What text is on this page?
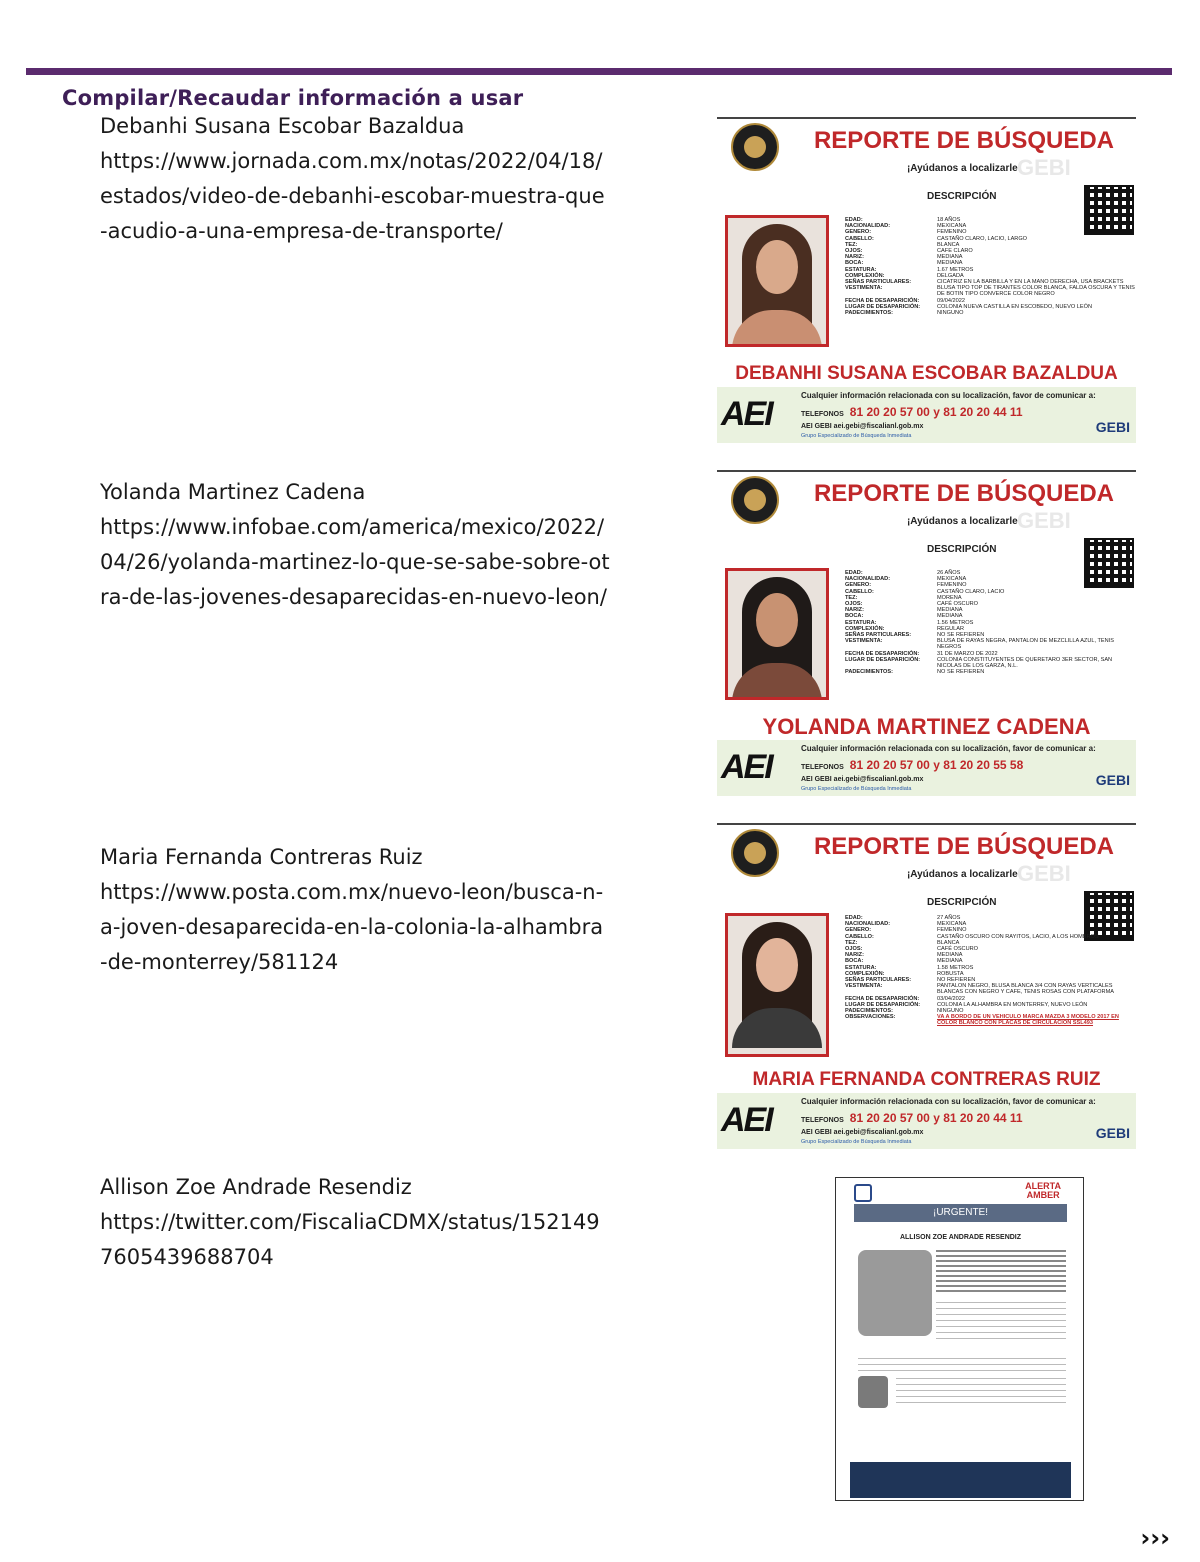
Compilar/Recaudar información a usar
Debanhi Susana Escobar Bazaldua
https://www.jornada.com.mx/notas/2022/04/18/estados/video-de-debanhi-escobar-muestra-que-acudio-a-una-empresa-de-transporte/
Yolanda Martinez Cadena
https://www.infobae.com/america/mexico/2022/04/26/yolanda-martinez-lo-que-se-sabe-sobre-otra-de-las-jovenes-desaparecidas-en-nuevo-leon/
Maria Fernanda Contreras Ruiz
https://www.posta.com.mx/nuevo-leon/busca-n-a-joven-desaparecida-en-la-colonia-la-alhambra-de-monterrey/581124
Allison Zoe Andrade Resendiz
https://twitter.com/FiscaliaCDMX/status/1521497605439688704
REPORTE DE BÚSQUEDA
¡Ayúdanos a localizarle!
GEBI
DESCRIPCIÓN
EDAD:	18 AÑOS
NACIONALIDAD:	MEXICANA
GENERO:	FEMENINO
CABELLO:	CASTAÑO CLARO, LACIO, LARGO
TEZ:	BLANCA
OJOS:	CAFE CLARO
NARIZ:	MEDIANA
BOCA:	MEDIANA
ESTATURA:	1.67 METROS
COMPLEXIÓN:	DELGADA
SEÑAS PARTICULARES:	CICATRIZ EN LA BARBILLA Y EN LA MANO DERECHA, USA BRACKETS
VESTIMENTA:	BLUSA TIPO TOP DE TIRANTES COLOR BLANCA, FALDA OSCURA Y TENIS DE BOTIN TIPO CONVERCE COLOR NEGRO
FECHA DE DESAPARICIÓN:	09/04/2022
LUGAR DE DESAPARICIÓN:	COLONIA NUEVA CASTILLA EN ESCOBEDO, NUEVO LEÓN
PADECIMIENTOS:	NINGUNO
DEBANHI SUSANA ESCOBAR BAZALDUA
AEI	Cualquier información relacionada con su localización, favor de comunicar a:
TELEFONOS 81 20 20 57 00 y 81 20 20 44 11
AEI GEBI aei.gebi@fiscalianl.gob.mx
Grupo Especializado de Búsqueda Inmediata
GEBI
REPORTE DE BÚSQUEDA
¡Ayúdanos a localizarle!
GEBI
DESCRIPCIÓN
EDAD:	26 AÑOS
NACIONALIDAD:	MEXICANA
GENERO:	FEMENINO
CABELLO:	CASTAÑO CLARO, LACIO
TEZ:	MORENA
OJOS:	CAFÉ OSCURO
NARIZ:	MEDIANA
BOCA:	MEDIANA
ESTATURA:	1.56 METROS
COMPLEXIÓN:	REGULAR
SEÑAS PARTICULARES:	NO SE REFIEREN
VESTIMENTA:	BLUSA DE RAYAS NEGRA, PANTALON DE MEZCLILLA AZUL, TENIS NEGROS
FECHA DE DESAPARICIÓN:	31 DE MARZO DE 2022
LUGAR DE DESAPARICIÓN:	COLONIA CONSTITUYENTES DE QUERETARO 3ER SECTOR, SAN NICOLAS DE LOS GARZA, N.L.
PADECIMIENTOS:	NO SE REFIEREN
YOLANDA MARTINEZ CADENA
AEI	Cualquier información relacionada con su localización, favor de comunicar a:
TELEFONOS 81 20 20 57 00 y 81 20 20 55 58
AEI GEBI aei.gebi@fiscalianl.gob.mx
Grupo Especializado de Búsqueda Inmediata
GEBI
REPORTE DE BÚSQUEDA
¡Ayúdanos a localizarle!
GEBI
DESCRIPCIÓN
EDAD:	27 AÑOS
NACIONALIDAD:	MEXICANA
GENERO:	FEMENINO
CABELLO:	CASTAÑO OSCURO CON RAYITOS, LACIO, A LOS HOMBROS
TEZ:	BLANCA
OJOS:	CAFÉ OSCURO
NARIZ:	MEDIANA
BOCA:	MEDIANA
ESTATURA:	1.58 METROS
COMPLEXIÓN:	ROBUSTA
SEÑAS PARTICULARES:	NO REFIEREN
VESTIMENTA:	PANTALON NEGRO, BLUSA BLANCA 3/4 CON RAYAS VERTICALES BLANCAS CON NEGRO Y CAFE, TENIS ROSAS CON PLATAFORMA
FECHA DE DESAPARICIÓN:	03/04/2022
LUGAR DE DESAPARICIÓN:	COLONIA LA ALHAMBRA EN MONTERREY, NUEVO LEÓN
PADECIMIENTOS:	NINGUNO
OBSERVACIONES:	VA A BORDO DE UN VEHICULO MARCA MAZDA 3 MODELO 2017 EN COLOR BLANCO CON PLACAS DE CIRCULACION SSL493
MARIA FERNANDA CONTRERAS RUIZ
AEI	Cualquier información relacionada con su localización, favor de comunicar a:
TELEFONOS 81 20 20 57 00 y 81 20 20 44 11
AEI GEBI aei.gebi@fiscalianl.gob.mx
Grupo Especializado de Búsqueda Inmediata
GEBI
ALERTA
AMBER
¡URGENTE!
ALLISON ZOE ANDRADE RESENDIZ
›››
